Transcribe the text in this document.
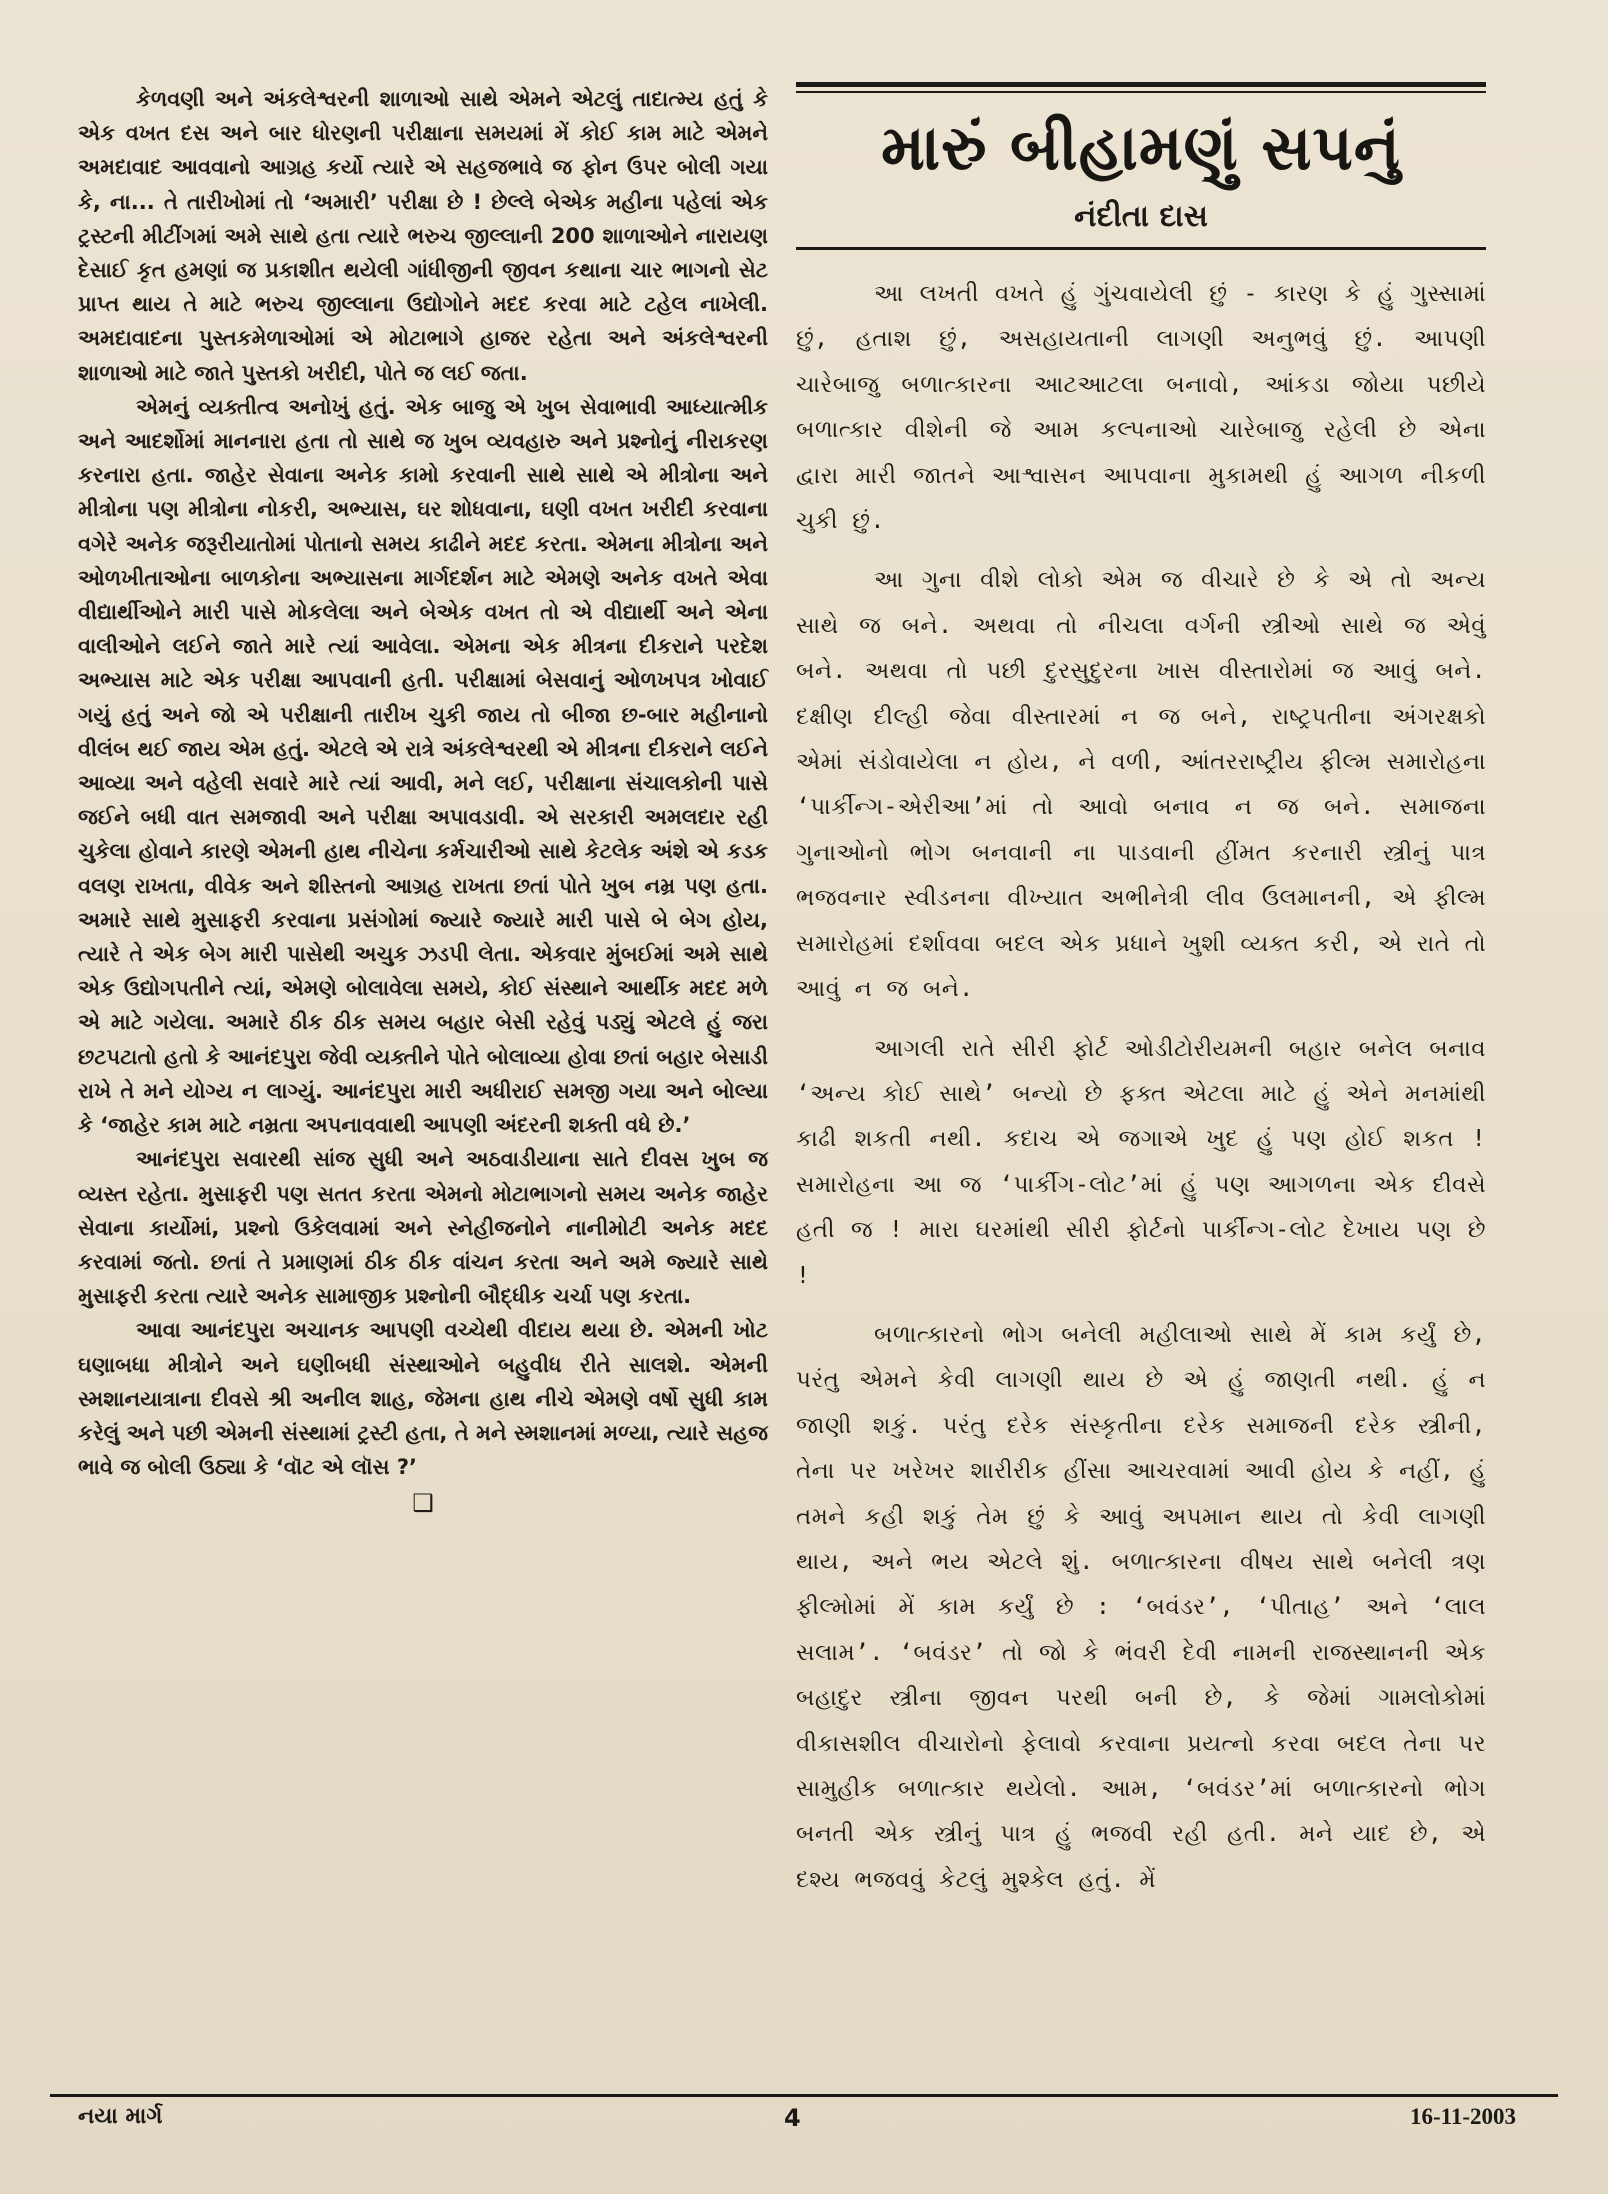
કેળવણી અને અંકલેશ્વરની શાળાઓ સાથે એમને એટલું તાદાત્મ્ય હતું કે એક વખત દસ અને બાર ધોરણની પરીક્ષાના સમયમાં મેં કોઈ કામ માટે એમને અમદાવાદ આવવાનો આગ્રહ કર્યો ત્યારે એ સહજભાવે જ ફોન ઉપર બોલી ગયા કે, ના... તે તારીખોમાં તો ‘અમારી’ પરીક્ષા છે ! છેલ્લે બેએક મહીના પહેલાં એક ટ્રસ્ટની મીટીંગમાં અમે સાથે હતા ત્યારે ભરુચ જીલ્લાની 200 શાળાઓને નારાયણ દેસાઈ કૃત હમણાં જ પ્રકાશીત થયેલી ગાંધીજીની જીવન કથાના ચાર ભાગનો સેટ પ્રાપ્ત થાય તે માટે ભરુચ જીલ્લાના ઉદ્યોગોને મદદ કરવા માટે ટહેલ નાખેલી. અમદાવાદના પુસ્તકમેળાઓમાં એ મોટાભાગે હાજર રહેતા અને અંકલેશ્વરની શાળાઓ માટે જાતે પુસ્તકો ખરીદી, પોતે જ લઈ જતા.

એમનું વ્યક્તીત્વ અનોખું હતું. એક બાજુ એ ખુબ સેવાભાવી આધ્યાત્મીક અને આદર્શોમાં માનનારા હતા તો સાથે જ ખુબ વ્યવહારુ અને પ્રશ્નોનું નીરાકરણ કરનારા હતા. જાહેર સેવાના અનેક કામો કરવાની સાથે સાથે એ મીત્રોના અને મીત્રોના પણ મીત્રોના નોકરી, અભ્યાસ, ઘર શોધવાના, ઘણી વખત ખરીદી કરવાના વગેરે અનેક જરૂરીયાતોમાં પોતાનો સમય કાઢીને મદદ કરતા. એમના મીત્રોના અને ઓળખીતાઓના બાળકોના અભ્યાસના માર્ગદર્શન માટે એમણે અનેક વખતે એવા વીદ્યાર્થીઓને મારી પાસે મોકલેલા અને બેએક વખત તો એ વીદ્યાર્થી અને એના વાલીઓને લઈને જાતે મારે ત્યાં આવેલા. એમના એક મીત્રના દીકરાને પરદેશ અભ્યાસ માટે એક પરીક્ષા આપવાની હતી. પરીક્ષામાં બેસવાનું ઓળખપત્ર ખોવાઈ ગયું હતું અને જો એ પરીક્ષાની તારીખ ચુકી જાય તો બીજા છ-બાર મહીનાનો વીલંબ થઈ જાય એમ હતું. એટલે એ રાત્રે અંકલેશ્વરથી એ મીત્રના દીકરાને લઈને આવ્યા અને વહેલી સવારે મારે ત્યાં આવી, મને લઈ, પરીક્ષાના સંચાલકોની પાસે જઈને બધી વાત સમજાવી અને પરીક્ષા અપાવડાવી. એ સરકારી અમલદાર રહી ચુકેલા હોવાને કારણે એમની હાથ નીચેના કર્મચારીઓ સાથે કેટલેક અંશે એ કડક વલણ રાખતા, વીવેક અને શીસ્તનો આગ્રહ રાખતા છતાં પોતે ખુબ નમ્ર પણ હતા. અમારે સાથે મુસાફરી કરવાના પ્રસંગોમાં જ્યારે જ્યારે મારી પાસે બે બેગ હોય, ત્યારે તે એક બેગ મારી પાસેથી અચુક ઝડપી લેતા. એકવાર મુંબઈમાં અમે સાથે એક ઉદ્યોગપતીને ત્યાં, એમણે બોલાવેલા સમયે, કોઈ સંસ્થાને આર્થીક મદદ મળે એ માટે ગયેલા. અમારે ઠીક ઠીક સમય બહાર બેસી રહેવું પડ્યું એટલે હું જરા છટપટાતો હતો કે આનંદપુરા જેવી વ્યક્તીને પોતે બોલાવ્યા હોવા છતાં બહાર બેસાડી રાખે તે મને યોગ્ય ન લાગ્યું. આનંદપુરા મારી અધીરાઈ સમજી ગયા અને બોલ્યા કે ‘જાહેર કામ માટે નમ્રતા અપનાવવાથી આપણી અંદરની શક્તી વધે છે.’

આનંદપુરા સવારથી સાંજ સુધી અને અઠવાડીયાના સાતે દીવસ ખુબ જ વ્યસ્ત રહેતા. મુસાફરી પણ સતત કરતા એમનો મોટાભાગનો સમય અનેક જાહેર સેવાના કાર્યોમાં, પ્રશ્નો ઉકેલવામાં અને સ્નેહીજનોને નાનીમોટી અનેક મદદ કરવામાં જતો. છતાં તે પ્રમાણમાં ઠીક ઠીક વાંચન કરતા અને અમે જ્યારે સાથે મુસાફરી કરતા ત્યારે અનેક સામાજીક પ્રશ્નોની બૌદ્ધીક ચર્ચા પણ કરતા.

આવા આનંદપુરા અચાનક આપણી વચ્ચેથી વીદાય થયા છે. એમની ખોટ ઘણાબધા મીત્રોને અને ઘણીબધી સંસ્થાઓને બહુવીધ રીતે સાલશે. એમની સ્મશાનયાત્રાના દીવસે શ્રી અનીલ શાહ, જેમના હાથ નીચે એમણે વર્ષો સુધી કામ કરેલું અને પછી એમની સંસ્થામાં ટ્રસ્ટી હતા, તે મને સ્મશાનમાં મળ્યા, ત્યારે સહજ ભાવે જ બોલી ઉઠ્યા કે ‘વૉટ એ લૉસ ?’

❑
મારું બીહામણું સપનું
નંદીતા દાસ

આ લખતી વખતે હું ગુંચવાયેલી છું - કારણ કે હું ગુસ્સામાં છું, હતાશ છું, અસહાયતાની લાગણી અનુભવું છું. આપણી ચારેબાજુ બળાત્કારના આટઆટલા બનાવો, આંકડા જોયા પછીયે બળાત્કાર વીશેની જે આમ કલ્પનાઓ ચારેબાજુ રહેલી છે એના દ્વારા મારી જાતને આશ્વાસન આપવાના મુકામથી હું આગળ નીકળી ચુકી છું.

આ ગુના વીશે લોકો એમ જ વીચારે છે કે એ તો અન્ય સાથે જ બને. અથવા તો નીચલા વર્ગની સ્ત્રીઓ સાથે જ એવું બને. અથવા તો પછી દુરસુદુરના ખાસ વીસ્તારોમાં જ આવું બને. દક્ષીણ દીલ્હી જેવા વીસ્તારમાં ન જ બને, રાષ્ટ્રપતીના અંગરક્ષકો એમાં સંડોવાયેલા ન હોય, ને વળી, આંતરરાષ્ટ્રીય ફીલ્મ સમારોહના ‘પાર્કીન્ગ-એરીઆ’માં તો આવો બનાવ ન જ બને. સમાજના ગુનાઓનો ભોગ બનવાની ના પાડવાની હીંમત કરનારી સ્ત્રીનું પાત્ર ભજવનાર સ્વીડનના વીખ્યાત અભીનેત્રી લીવ ઉલમાનની, એ ફીલ્મ સમારોહમાં દર્શાવવા બદલ એક પ્રધાને ખુશી વ્યક્ત કરી, એ રાતે તો આવું ન જ બને.

આગલી રાતે સીરી ફોર્ટ ઓડીટોરીયમની બહાર બનેલ બનાવ ‘અન્ય કોઈ સાથે’ બન્યો છે ફક્ત એટલા માટે હું એને મનમાંથી કાઢી શકતી નથી. કદાચ એ જગાએ ખુદ હું પણ હોઈ શકત ! સમારોહના આ જ ‘પાર્કીગ-લોટ’માં હું પણ આગળના એક દીવસે હતી જ ! મારા ઘરમાંથી સીરી ફોર્ટનો પાર્કીન્ગ-લોટ દેખાય પણ છે !

બળાત્કારનો ભોગ બનેલી મહીલાઓ સાથે મેં કામ કર્યું છે, પરંતુ એમને કેવી લાગણી થાય છે એ હું જાણતી નથી. હું ન જાણી શકું. પરંતુ દરેક સંસ્કૃતીના દરેક સમાજની દરેક સ્ત્રીની, તેના પર ખરેખર શારીરીક હીંસા આચરવામાં આવી હોય કે નહીં, હું તમને કહી શકું તેમ છું કે આવું અપમાન થાય તો કેવી લાગણી થાય, અને ભય એટલે શું. બળાત્કારના વીષય સાથે બનેલી ત્રણ ફીલ્મોમાં મેં કામ કર્યું છે : ‘બવંડર’, ‘પીતાહ’ અને ‘લાલ સલામ’. ‘બવંડર’ તો જો કે ભંવરી દેવી નામની રાજસ્થાનની એક બહાદુર સ્ત્રીના જીવન પરથી બની છે, કે જેમાં ગામલોકોમાં વીકાસશીલ વીચારોનો ફેલાવો કરવાના પ્રયત્નો કરવા બદલ તેના પર સામુહીક બળાત્કાર થયેલો. આમ, ‘બવંડર’માં બળાત્કારનો ભોગ બનતી એક સ્ત્રીનું પાત્ર હું ભજવી રહી હતી. મને યાદ છે, એ દશ્ય ભજવવું કેટલું મુશ્કેલ હતું. મેં

નયા માર્ગ	4	16-11-2003
